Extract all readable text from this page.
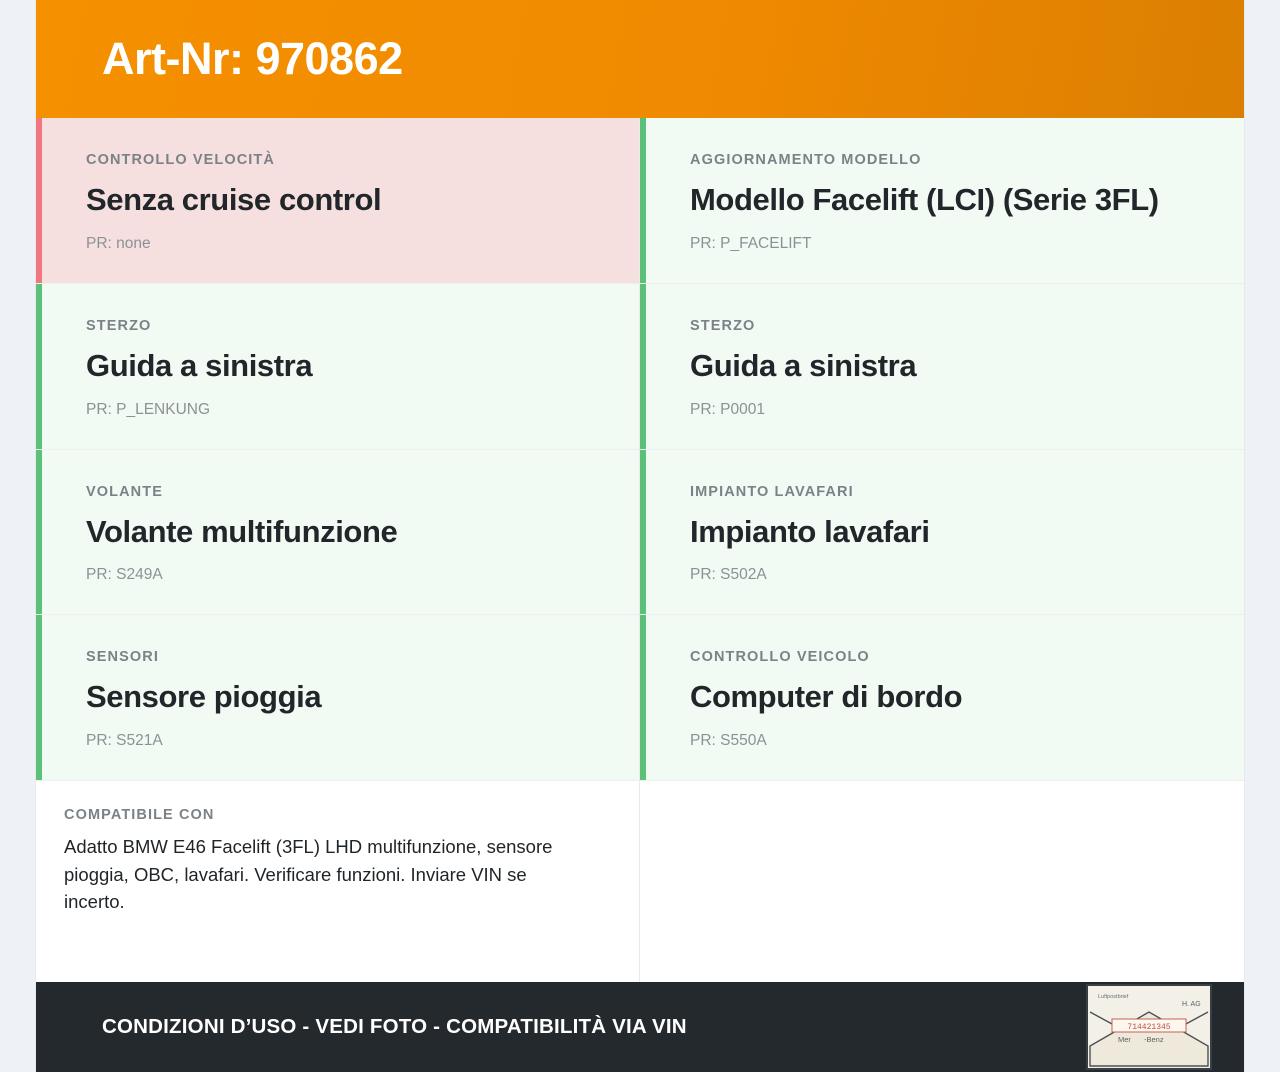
Art-Nr: 970862

CONTROLLO VELOCITÀ

Senza cruise control

PR: none

STERZO

Guida a sinistra

PR: P_LENKUNG

VOLANTE

Volante multifunzione

PR: S249A

SENSORI

Sensore pioggia

PR: S521A

COMPATIBILE CON

Adatto BMW E46 Facelift (3FL) LHD multifunzione, sensore pioggia, OBC, lavafari. Verificare funzioni. Inviare VIN se incerto.

AGGIORNAMENTO MODELLO

Modello Facelift (LCI) (Serie 3FL)

PR: P_FACELIFT

STERZO

Guida a sinistra

PR: P0001

IMPIANTO LAVAFARI

Impianto lavafari

PR: S502A

CONTROLLO VEICOLO

Computer di bordo

PR: S550A

CONDIZIONI D’USO - VEDI FOTO - COMPATIBILITÀ VIA VIN	714421345
Luftpostbrief
H. AG
Mer -Benz
